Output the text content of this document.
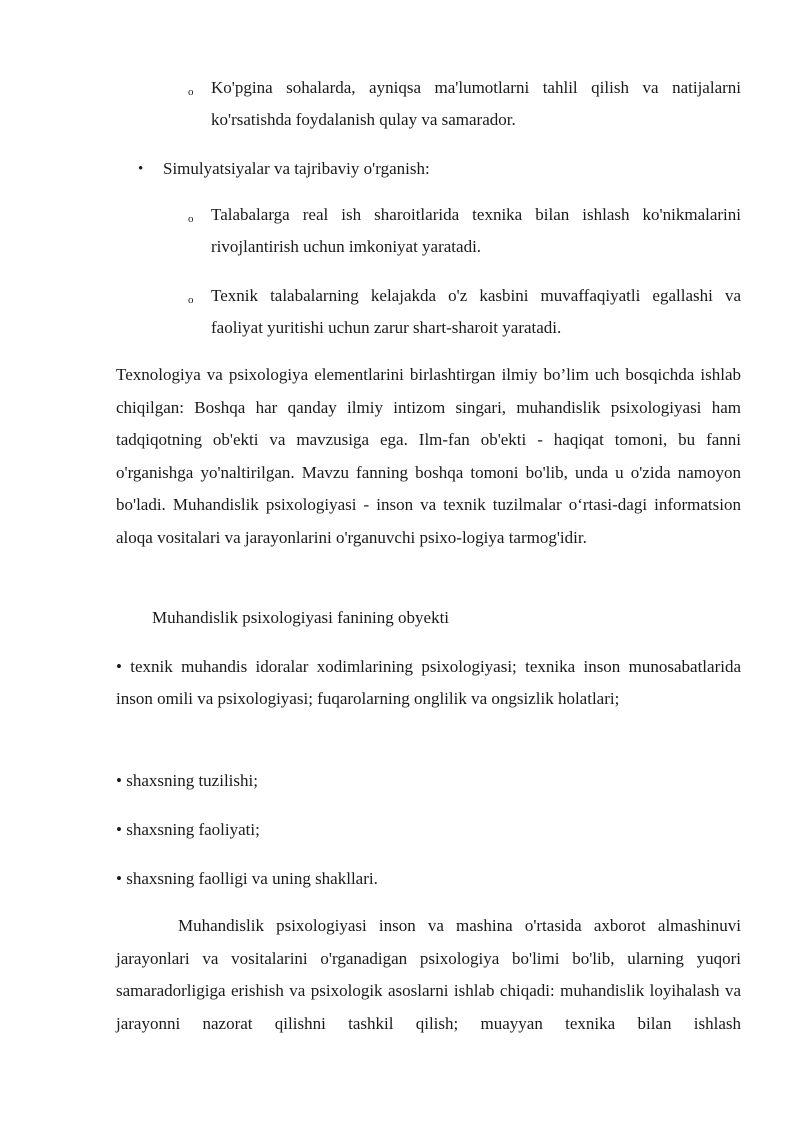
o Ko'pgina sohalarda, ayniqsa ma'lumotlarni tahlil qilish va natijalarni ko'rsatishda foydalanish qulay va samarador.
• Simulyatsiyalar va tajribaviy o'rganish:
o Talabalarga real ish sharoitlarida texnika bilan ishlash ko'nikmalarini rivojlantirish uchun imkoniyat yaratadi.
o Texnik talabalarning kelajakda o'z kasbini muvaffaqiyatli egallashi va faoliyat yuritishi uchun zarur shart-sharoit yaratadi.
Texnologiya va psixologiya elementlarini birlashtirgan ilmiy bo’lim uch bosqichda ishlab chiqilgan: Boshqa har qanday ilmiy intizom singari, muhandislik psixologiyasi ham tadqiqotning ob'ekti va mavzusiga ega. Ilm-fan ob'ekti - haqiqat tomoni, bu fanni o'rganishga yo'naltirilgan. Mavzu fanning boshqa tomoni bo'lib, unda u o'zida namoyon bo'ladi. Muhandislik psixologiyasi - inson va texnik tuzilmalar o‘rtasi-dagi informatsion aloqa vositalari va jarayonlarini o'rganuvchi psixo-logiya tarmog'idir.
Muhandislik psixologiyasi fanining obyekti
• texnik muhandis idoralar xodimlarining psixologiyasi; texnika inson munosabatlarida inson omili va psixologiyasi; fuqarolarning onglilik va ongsizlik holatlari;
• shaxsning tuzilishi;
• shaxsning faoliyati;
• shaxsning faolligi va uning shakllari.
Muhandislik psixologiyasi inson va mashina o'rtasida axborot almashinuvi jarayonlari va vositalarini o'rganadigan psixologiya bo'limi bo'lib, ularning yuqori samaradorligiga erishish va psixologik asoslarni ishlab chiqadi: muhandislik loyihalash va jarayonni nazorat qilishni tashkil qilish; muayyan texnika bilan ishlash
